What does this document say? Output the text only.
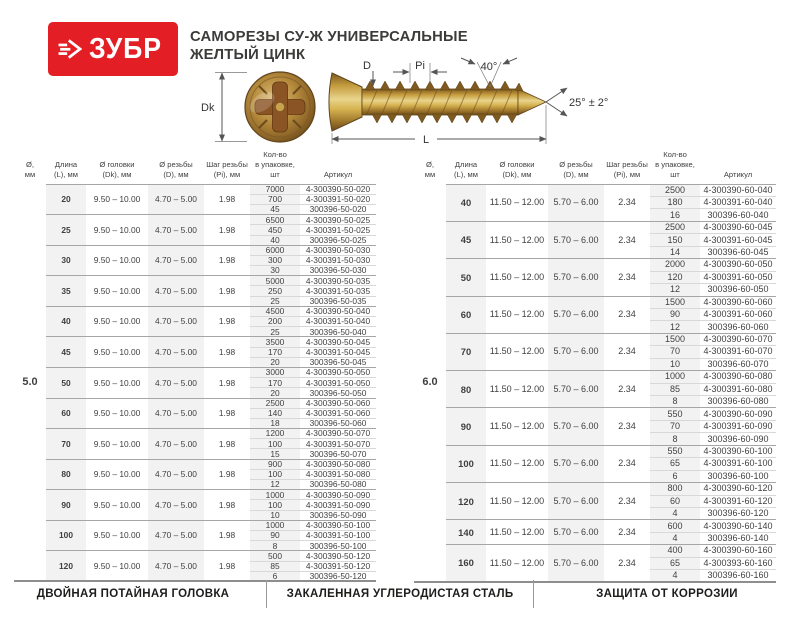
ЗУБР САМОРЕЗЫ СУ-Ж УНИВЕРСАЛЬНЫЕ
ЖЕЛТЫЙ ЦИНК
Dk
D	Pi	40°
25° ± 2°
L
Ø,
мм

Длина
(L), мм

Ø головки
(Dk), мм

Ø резьбы
(D), мм

Шаг резьбы
(Pi), мм

Кол-во
в упаковке, шт	Артикул

5.0	20	9.50 – 10.00	4.70 – 5.00	1.98	7000	4-300390-50-020
					700	4-300391-50-020
					45	300396-50-020
	25	9.50 – 10.00	4.70 – 5.00	1.98	6500	4-300390-50-025
					450	4-300391-50-025
					40	300396-50-025
	30	9.50 – 10.00	4.70 – 5.00	1.98	6000	4-300390-50-030
					300	4-300391-50-030
					30	300396-50-030
	35	9.50 – 10.00	4.70 – 5.00	1.98	5000	4-300390-50-035
					250	4-300391-50-035
					25	300396-50-035
	40	9.50 – 10.00	4.70 – 5.00	1.98	4500	4-300390-50-040
					200	4-300391-50-040
					25	300396-50-040
	45	9.50 – 10.00	4.70 – 5.00	1.98	3500	4-300390-50-045
					170	4-300391-50-045
					20	300396-50-045
	50	9.50 – 10.00	4.70 – 5.00	1.98	3000	4-300390-50-050
					170	4-300391-50-050
					20	300396-50-050
	60	9.50 – 10.00	4.70 – 5.00	1.98	2500	4-300390-50-060
					140	4-300391-50-060
					18	300396-50-060
	70	9.50 – 10.00	4.70 – 5.00	1.98	1200	4-300390-50-070
					100	4-300391-50-070
					15	300396-50-070
	80	9.50 – 10.00	4.70 – 5.00	1.98	900	4-300390-50-080
					100	4-300391-50-080
					12	300396-50-080
	90	9.50 – 10.00	4.70 – 5.00	1.98	1000	4-300390-50-090
					100	4-300391-50-090
					10	300396-50-090
	100	9.50 – 10.00	4.70 – 5.00	1.98	1000	4-300390-50-100
					90	4-300391-50-100
					8	300396-50-100
	120	9.50 – 10.00	4.70 – 5.00	1.98	500	4-300390-50-120
					85	4-300391-50-120
					6	300396-50-120
Ø,
мм

Длина
(L), мм

Ø головки
(Dk), мм

Ø резьбы
(D), мм

Шаг резьбы
(Pi), мм

Кол-во
в упаковке, шт	Артикул

6.0	40	11.50 – 12.00	5.70 – 6.00	2.34	2500	4-300390-60-040
					180	4-300391-60-040
					16	300396-60-040
	45	11.50 – 12.00	5.70 – 6.00	2.34	2500	4-300390-60-045
					150	4-300391-60-045
					14	300396-60-045
	50	11.50 – 12.00	5.70 – 6.00	2.34	2000	4-300390-60-050
					120	4-300391-60-050
					12	300396-60-050
	60	11.50 – 12.00	5.70 – 6.00	2.34	1500	4-300390-60-060
					90	4-300391-60-060
					12	300396-60-060
	70	11.50 – 12.00	5.70 – 6.00	2.34	1500	4-300390-60-070
					70	4-300391-60-070
					10	300396-60-070
	80	11.50 – 12.00	5.70 – 6.00	2.34	1000	4-300390-60-080
					85	4-300391-60-080
					8	300396-60-080
	90	11.50 – 12.00	5.70 – 6.00	2.34	550	4-300390-60-090
					70	4-300391-60-090
					8	300396-60-090
	100	11.50 – 12.00	5.70 – 6.00	2.34	550	4-300390-60-100
					65	4-300391-60-100
					6	300396-60-100
	120	11.50 – 12.00	5.70 – 6.00	2.34	800	4-300390-60-120
					60	4-300391-60-120
					4	300396-60-120
	140	11.50 – 12.00	5.70 – 6.00	2.34	600	4-300390-60-140
					4	300396-60-140
	160	11.50 – 12.00	5.70 – 6.00	2.34	400	4-300390-60-160
					65	4-300393-60-160
					4	300396-60-160
ДВОЙНАЯ ПОТАЙНАЯ ГОЛОВКА	ЗАКАЛЕННАЯ УГЛЕРОДИСТАЯ СТАЛЬ	ЗАЩИТА ОТ КОРРОЗИИ
